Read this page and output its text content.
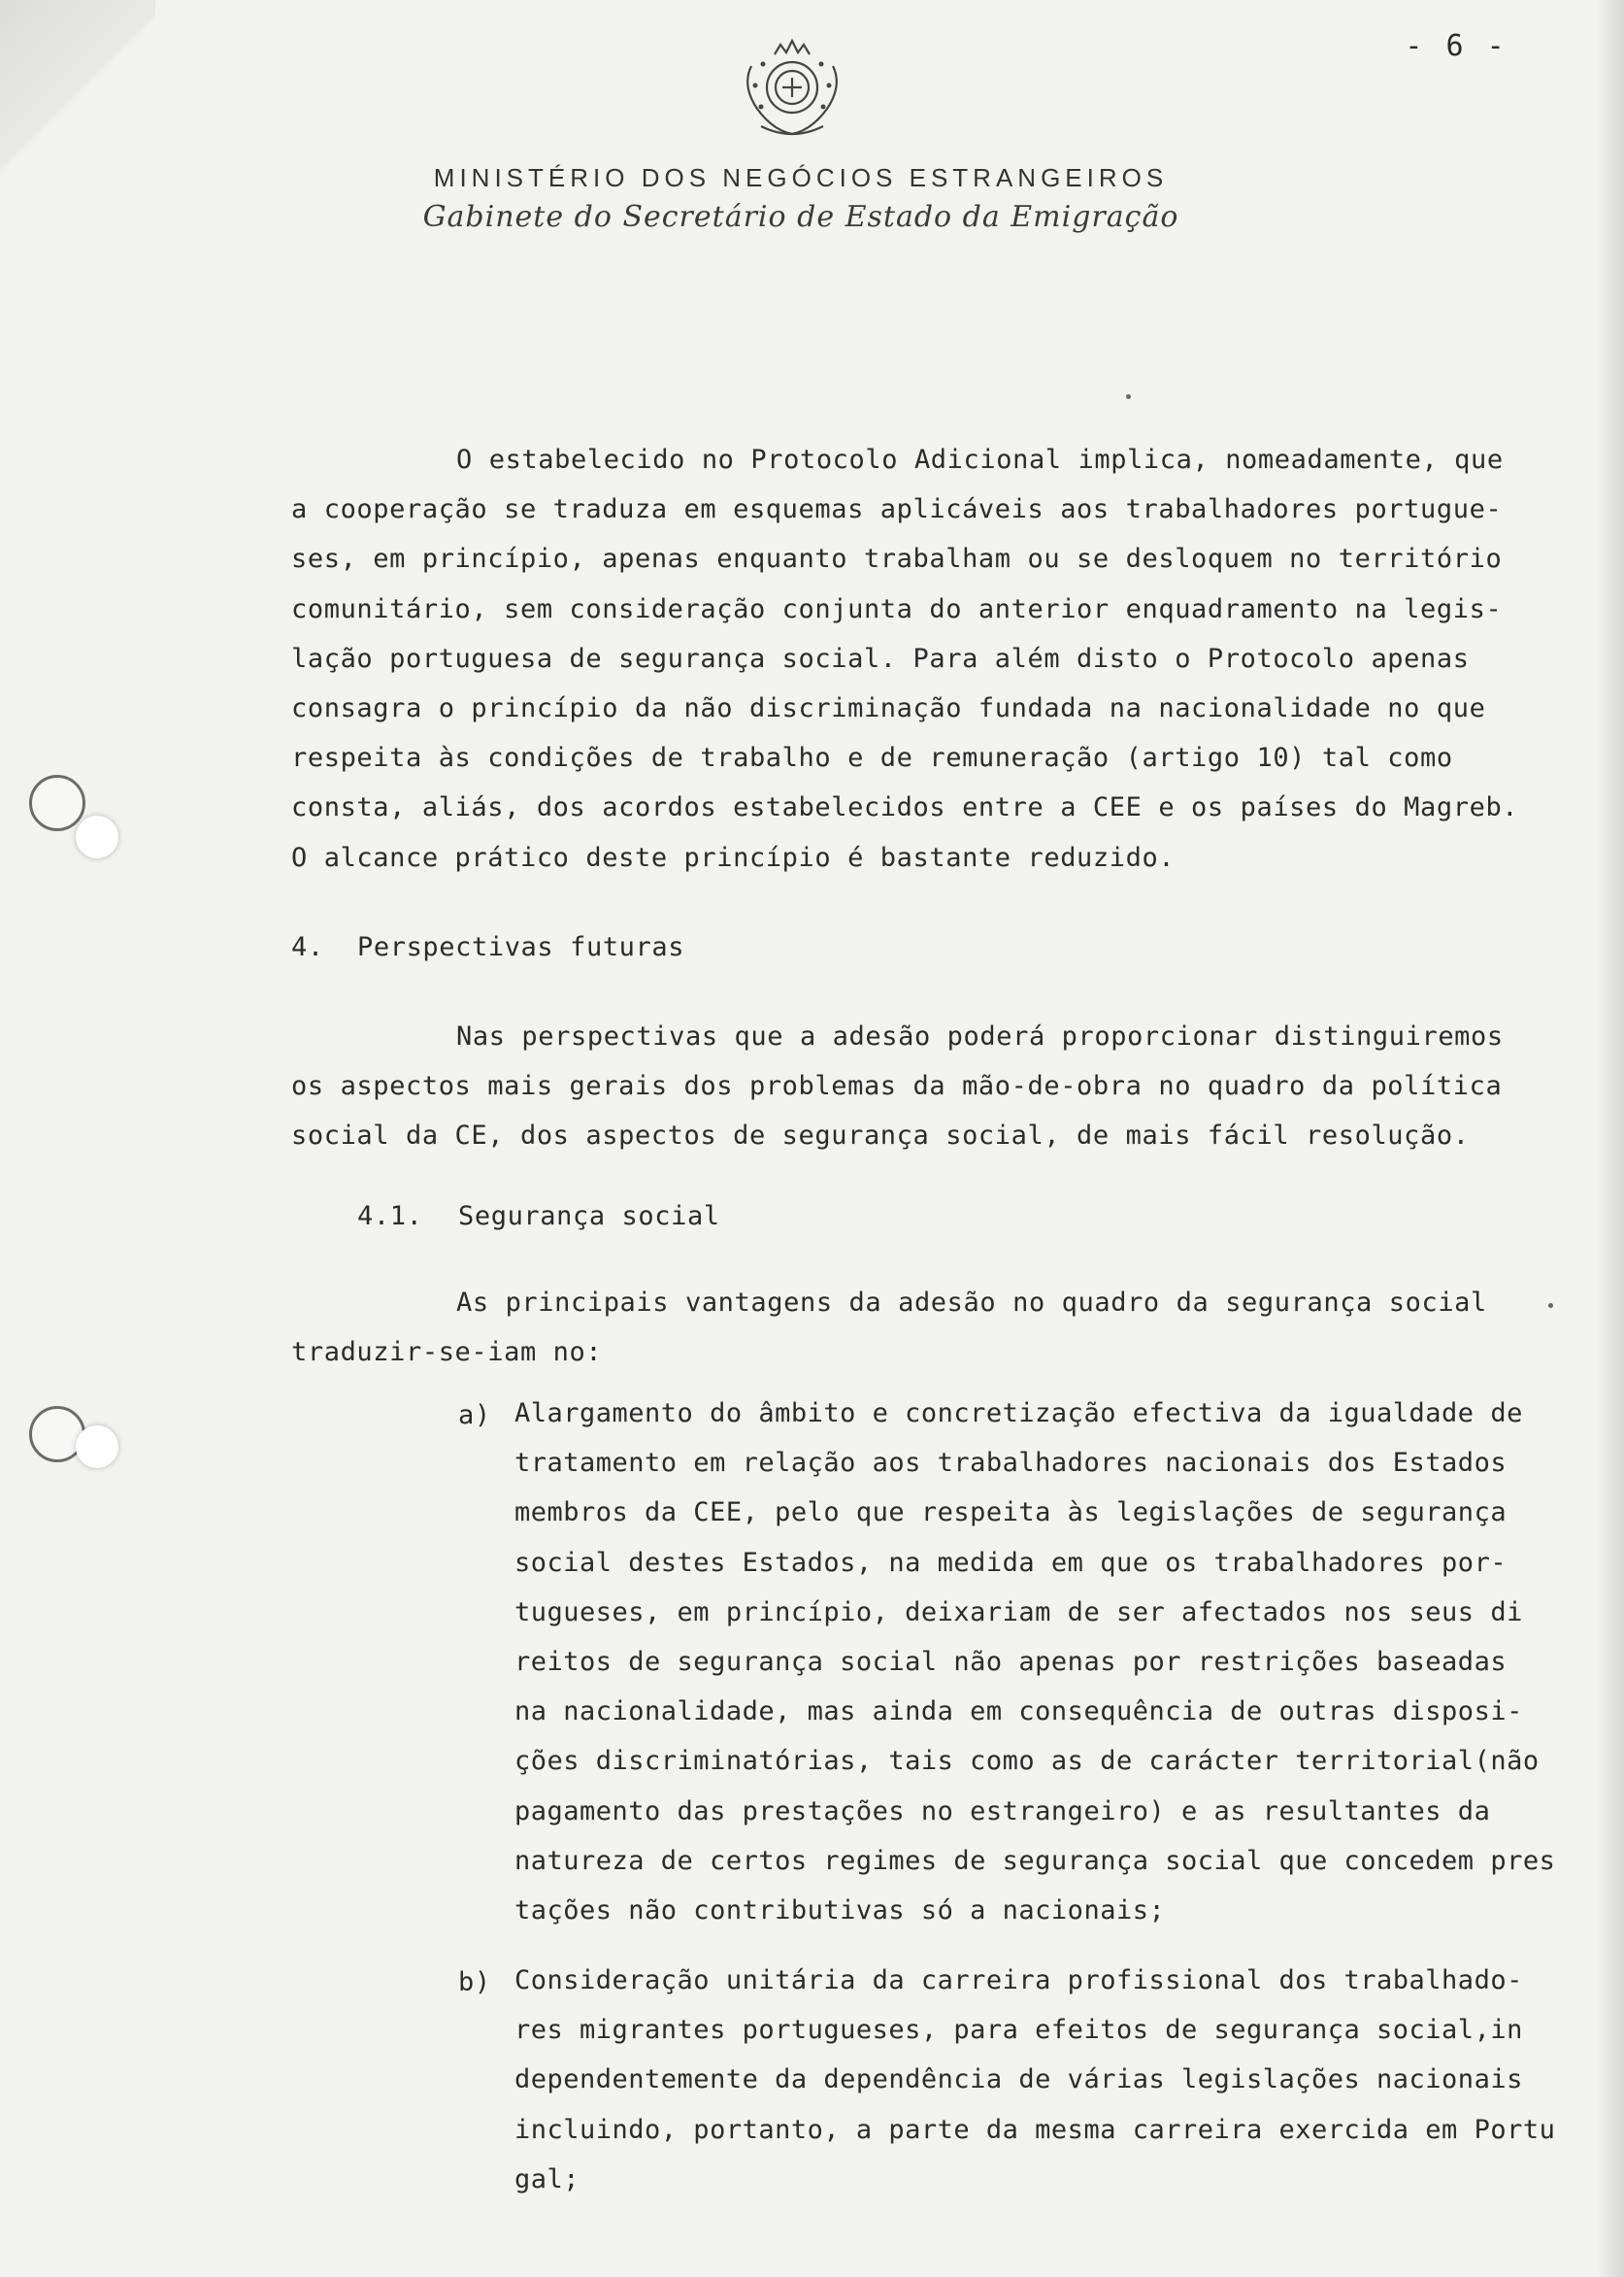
- 6 -
MINISTÉRIO DOS NEGÓCIOS ESTRANGEIROS
Gabinete do Secretário de Estado da Emigração
O estabelecido no Protocolo Adicional implica, nomeadamente, que
a cooperação se traduza em esquemas aplicáveis aos trabalhadores portugue-
ses, em princípio, apenas enquanto trabalham ou se desloquem no território
comunitário, sem consideração conjunta do anterior enquadramento na legis-
lação portuguesa de segurança social. Para além disto o Protocolo apenas
consagra o princípio da não discriminação fundada na nacionalidade no que
respeita às condições de trabalho e de remuneração (artigo 10) tal como
consta, aliás, dos acordos estabelecidos entre a CEE e os países do Magreb.
O alcance prático deste princípio é bastante reduzido.
4. Perspectivas futuras
Nas perspectivas que a adesão poderá proporcionar distinguiremos
os aspectos mais gerais dos problemas da mão-de-obra no quadro da política
social da CE, dos aspectos de segurança social, de mais fácil resolução.
4.1. Segurança social
As principais vantagens da adesão no quadro da segurança social
traduzir-se-iam no:
a) Alargamento do âmbito e concretização efectiva da igualdade de
tratamento em relação aos trabalhadores nacionais dos Estados
membros da CEE, pelo que respeita às legislações de segurança
social destes Estados, na medida em que os trabalhadores por-
tugueses, em princípio, deixariam de ser afectados nos seus di
reitos de segurança social não apenas por restrições baseadas
na nacionalidade, mas ainda em consequência de outras disposi-
ções discriminatórias, tais como as de carácter territorial(não
pagamento das prestações no estrangeiro) e as resultantes da
natureza de certos regimes de segurança social que concedem pres
tações não contributivas só a nacionais;
b) Consideração unitária da carreira profissional dos trabalhado-
res migrantes portugueses, para efeitos de segurança social,in
dependentemente da dependência de várias legislações nacionais
incluindo, portanto, a parte da mesma carreira exercida em Portu
gal;
